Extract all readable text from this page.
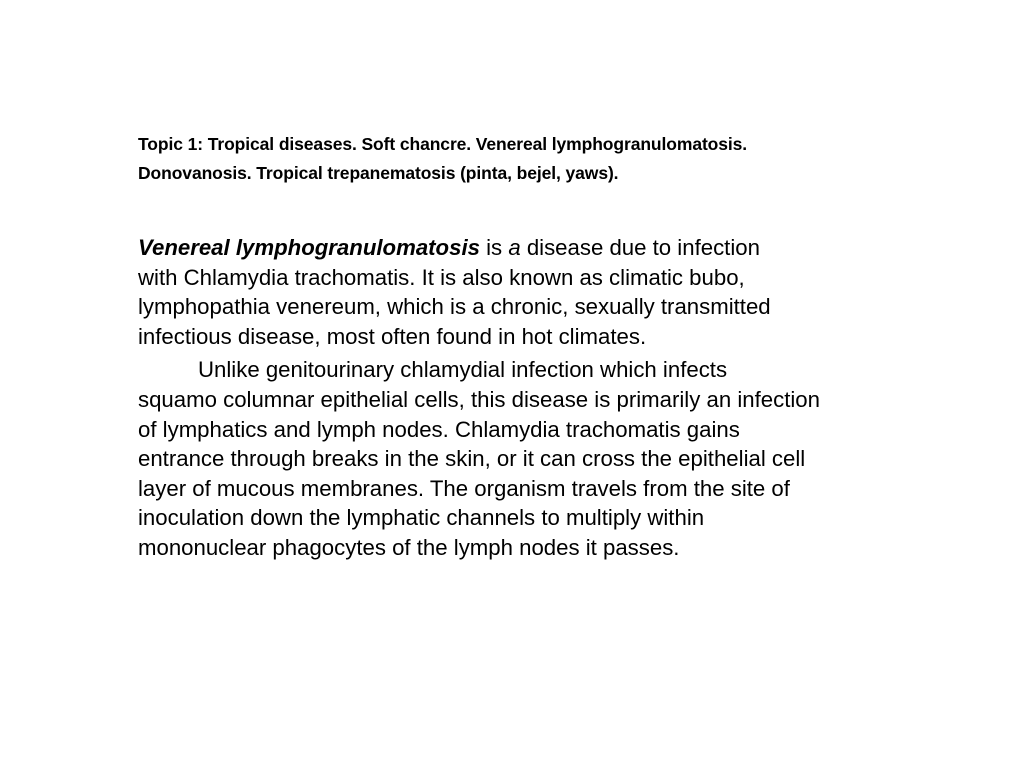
Topic 1: Tropical diseases. Soft chancre. Venereal lymphogranulomatosis.
Donovanosis. Tropical trepanematosis (pinta, bejel, yaws).
Venereal lymphogranulomatosis is a disease due to infection
with Chlamydia trachomatis. It is also known as climatic bubo,
lymphopathia venereum, which is a chronic, sexually transmitted
infectious disease, most often found in hot climates.
Unlike genitourinary chlamydial infection which infects
squamo columnar epithelial cells, this disease is primarily an infection
of lymphatics and lymph nodes. Chlamydia trachomatis gains
entrance through breaks in the skin, or it can cross the epithelial cell
layer of mucous membranes. The organism travels from the site of
inoculation down the lymphatic channels to multiply within
mononuclear phagocytes of the lymph nodes it passes.
